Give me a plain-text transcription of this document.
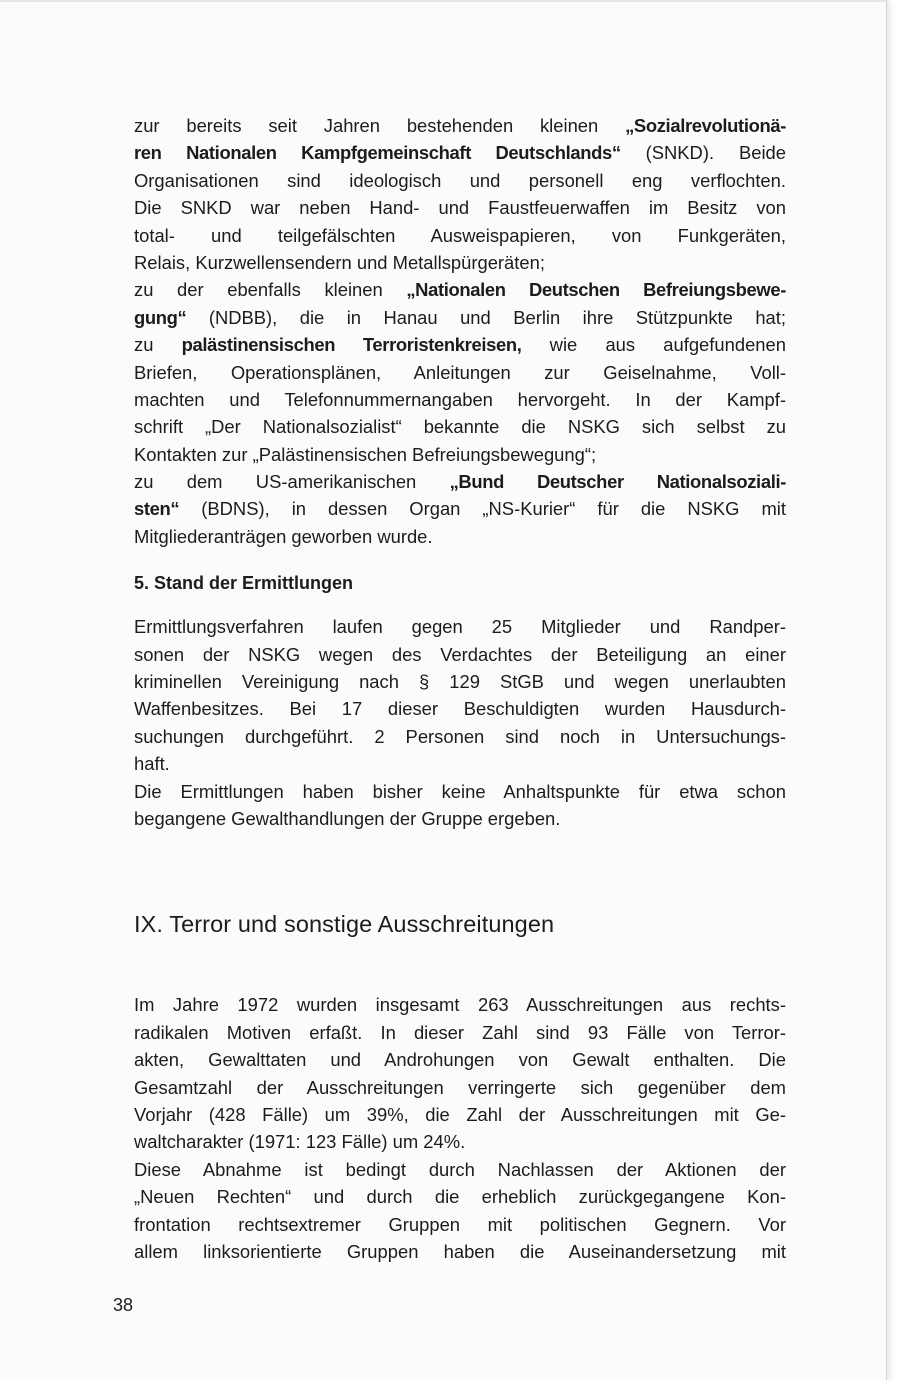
zur bereits seit Jahren bestehenden kleinen „Sozialrevolutionä-
ren Nationalen Kampfgemeinschaft Deutschlands“ (SNKD). Beide
Organisationen sind ideologisch und personell eng verflochten.
Die SNKD war neben Hand- und Faustfeuerwaffen im Besitz von
total- und teilgefälschten Ausweispapieren, von Funkgeräten,
Relais, Kurzwellensendern und Metallspürgeräten;
zu der ebenfalls kleinen „Nationalen Deutschen Befreiungsbewe-
gung“ (NDBB), die in Hanau und Berlin ihre Stützpunkte hat;
zu palästinensischen Terroristenkreisen, wie aus aufgefundenen
Briefen, Operationsplänen, Anleitungen zur Geiselnahme, Voll-
machten und Telefonnummernangaben hervorgeht. In der Kampf-
schrift „Der Nationalsozialist“ bekannte die NSKG sich selbst zu
Kontakten zur „Palästinensischen Befreiungsbewegung“;
zu dem US-amerikanischen „Bund Deutscher Nationalsoziali-
sten“ (BDNS), in dessen Organ „NS-Kurier“ für die NSKG mit
Mitgliederanträgen geworben wurde.
5. Stand der Ermittlungen
Ermittlungsverfahren laufen gegen 25 Mitglieder und Randper-
sonen der NSKG wegen des Verdachtes der Beteiligung an einer
kriminellen Vereinigung nach § 129 StGB und wegen unerlaubten
Waffenbesitzes. Bei 17 dieser Beschuldigten wurden Hausdurch-
suchungen durchgeführt. 2 Personen sind noch in Untersuchungs-
haft.
Die Ermittlungen haben bisher keine Anhaltspunkte für etwa schon
begangene Gewalthandlungen der Gruppe ergeben.
IX. Terror und sonstige Ausschreitungen
Im Jahre 1972 wurden insgesamt 263 Ausschreitungen aus rechts-
radikalen Motiven erfaßt. In dieser Zahl sind 93 Fälle von Terror-
akten, Gewalttaten und Androhungen von Gewalt enthalten. Die
Gesamtzahl der Ausschreitungen verringerte sich gegenüber dem
Vorjahr (428 Fälle) um 39%, die Zahl der Ausschreitungen mit Ge-
waltcharakter (1971: 123 Fälle) um 24%.
Diese Abnahme ist bedingt durch Nachlassen der Aktionen der
„Neuen Rechten“ und durch die erheblich zurückgegangene Kon-
frontation rechtsextremer Gruppen mit politischen Gegnern. Vor
allem linksorientierte Gruppen haben die Auseinandersetzung mit
38
